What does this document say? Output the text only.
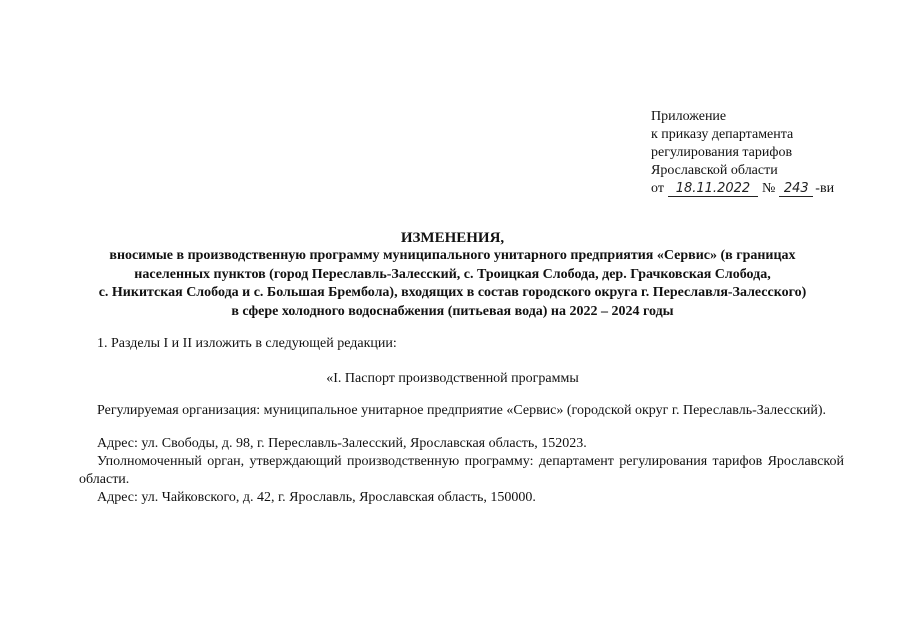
Приложение
к приказу департамента
регулирования тарифов
Ярославской области
от 18.11.2022 № 243 -ви
ИЗМЕНЕНИЯ,
вносимые в производственную программу муниципального унитарного предприятия «Сервис» (в границах
населенных пунктов (город Переславль-Залесский, с. Троицкая Слобода, дер. Грачковская Слобода,
с. Никитская Слобода и с. Большая Брембола), входящих в состав городского округа г. Переславля-Залесского)
в сфере холодного водоснабжения (питьевая вода) на 2022 – 2024 годы
1. Разделы I и II изложить в следующей редакции:
«I. Паспорт производственной программы
Регулируемая организация: муниципальное унитарное предприятие «Сервис» (городской округ г. Переславль-Залесский).
Адрес: ул. Свободы, д. 98, г. Переславль-Залесский, Ярославская область, 152023.
Уполномоченный орган, утверждающий производственную программу: департамент регулирования тарифов Ярославской области.
Адрес: ул. Чайковского, д. 42, г. Ярославль, Ярославская область, 150000.
